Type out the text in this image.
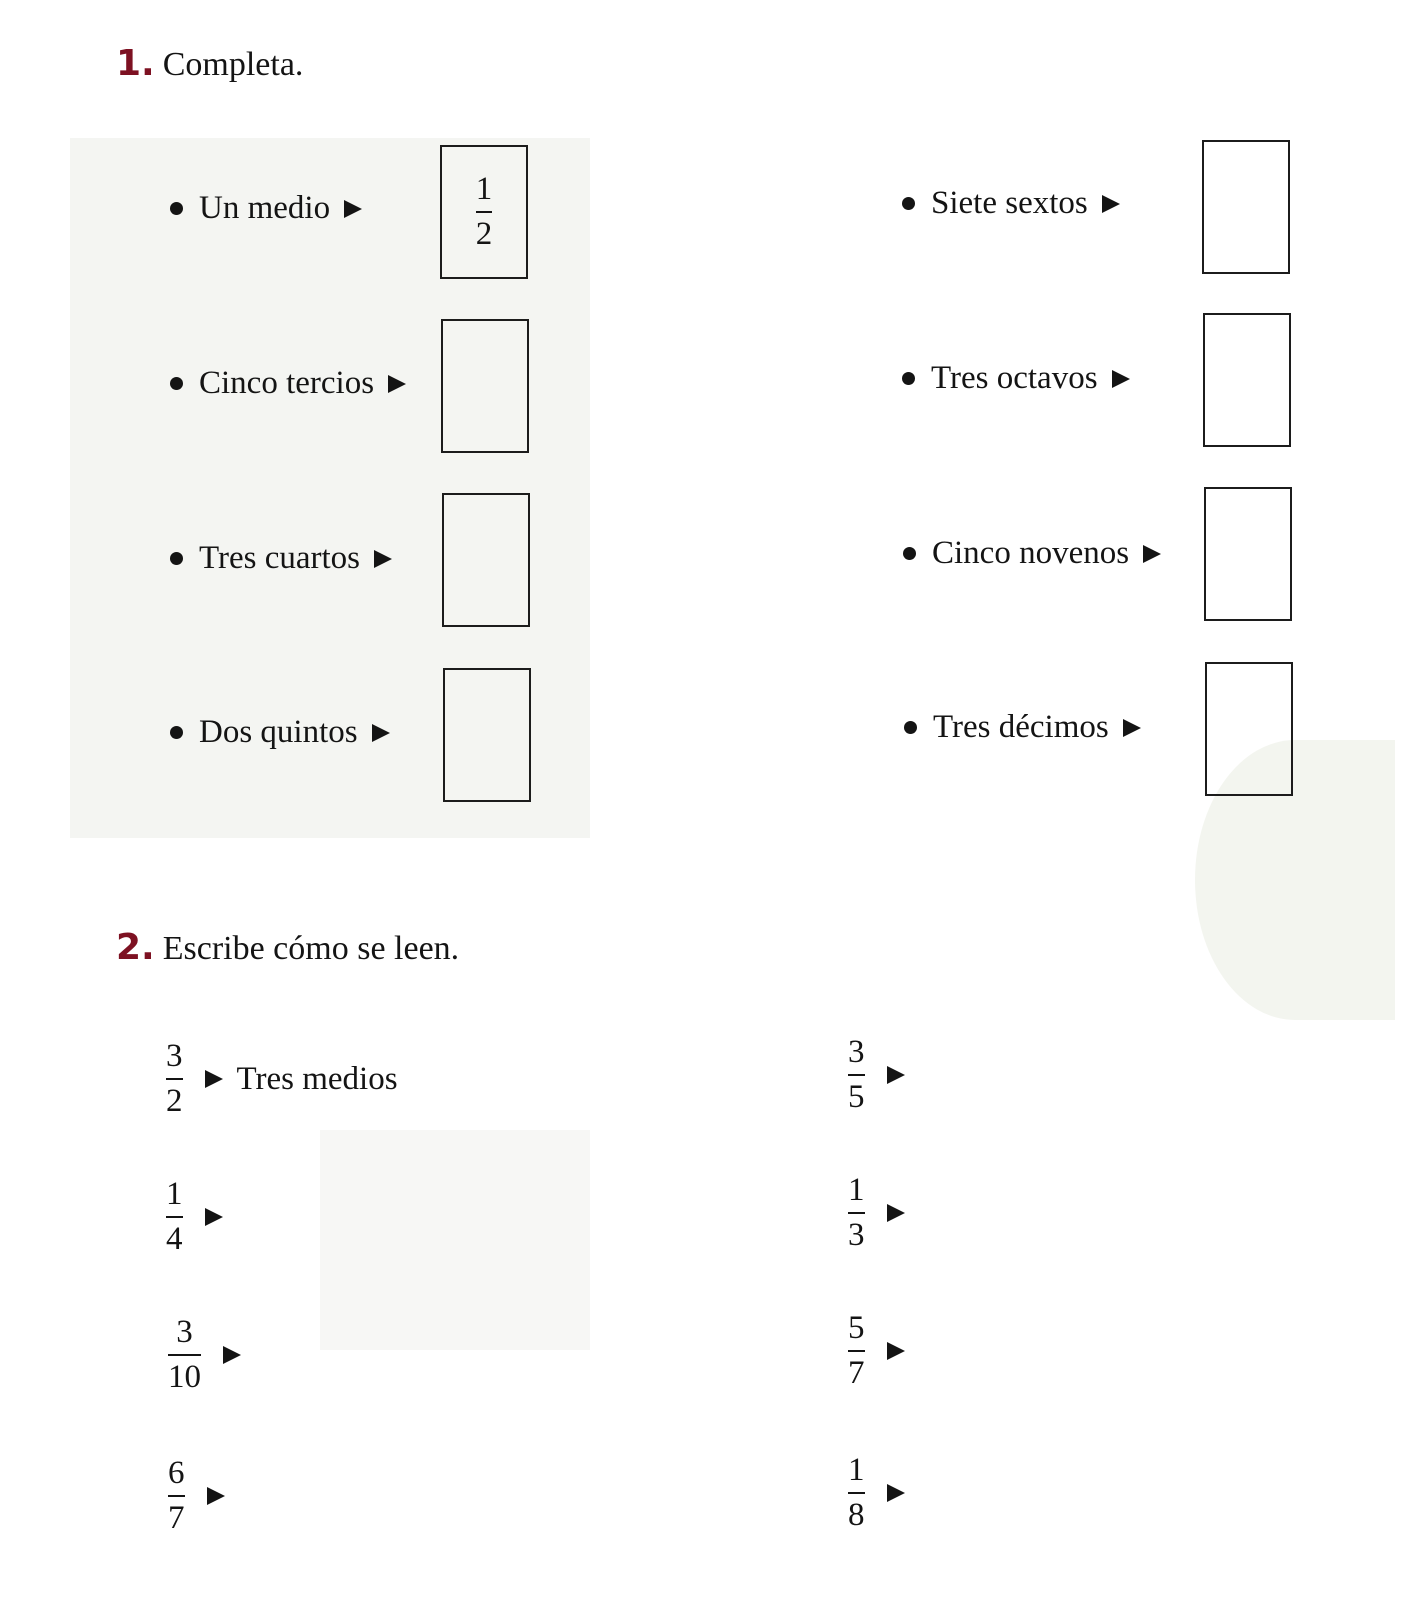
1. Completa.
Un medio	$\frac{1}{2}$
Cinco tercios
Tres cuartos
Dos quintos
Siete sextos
Tres octavos
Cinco novenos
Tres décimos
2. Escribe cómo se leen.
$\frac{3}{2}$ Tres medios
$\frac{1}{4}$
$\frac{3}{10}$
$\frac{6}{7}$
$\frac{3}{5}$
$\frac{1}{3}$
$\frac{5}{7}$
$\frac{1}{8}$
